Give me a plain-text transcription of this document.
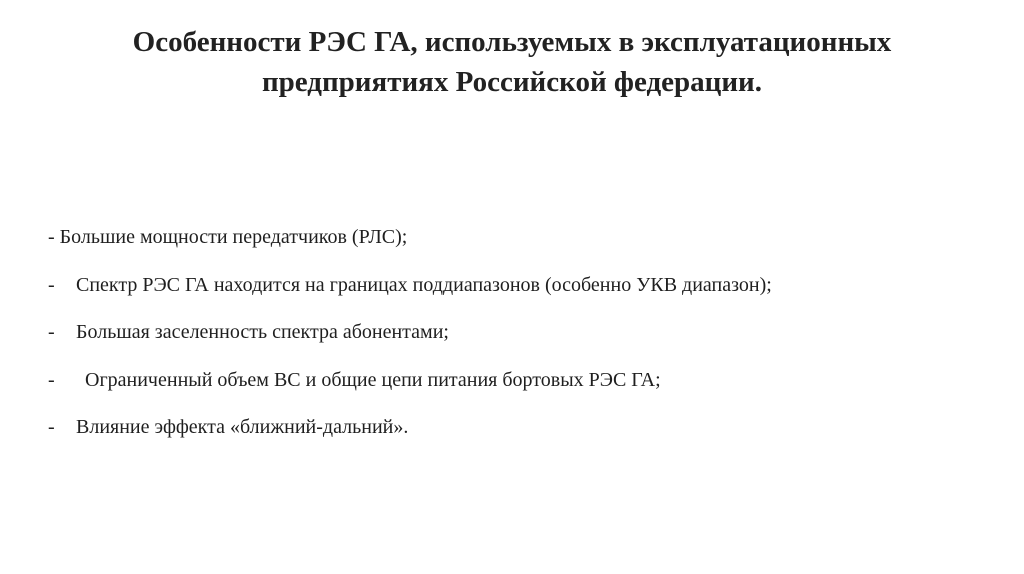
Особенности РЭС ГА, используемых в эксплуатационных
предприятиях Российской федерации.
- Большие мощности передатчиков (РЛС);
- Спектр РЭС ГА находится на границах поддиапазонов (особенно УКВ диапазон);
- Большая заселенность спектра абонентами;
- Ограниченный объем ВС и общие цепи питания бортовых РЭС ГА;
- Влияние эффекта «ближний-дальний».
